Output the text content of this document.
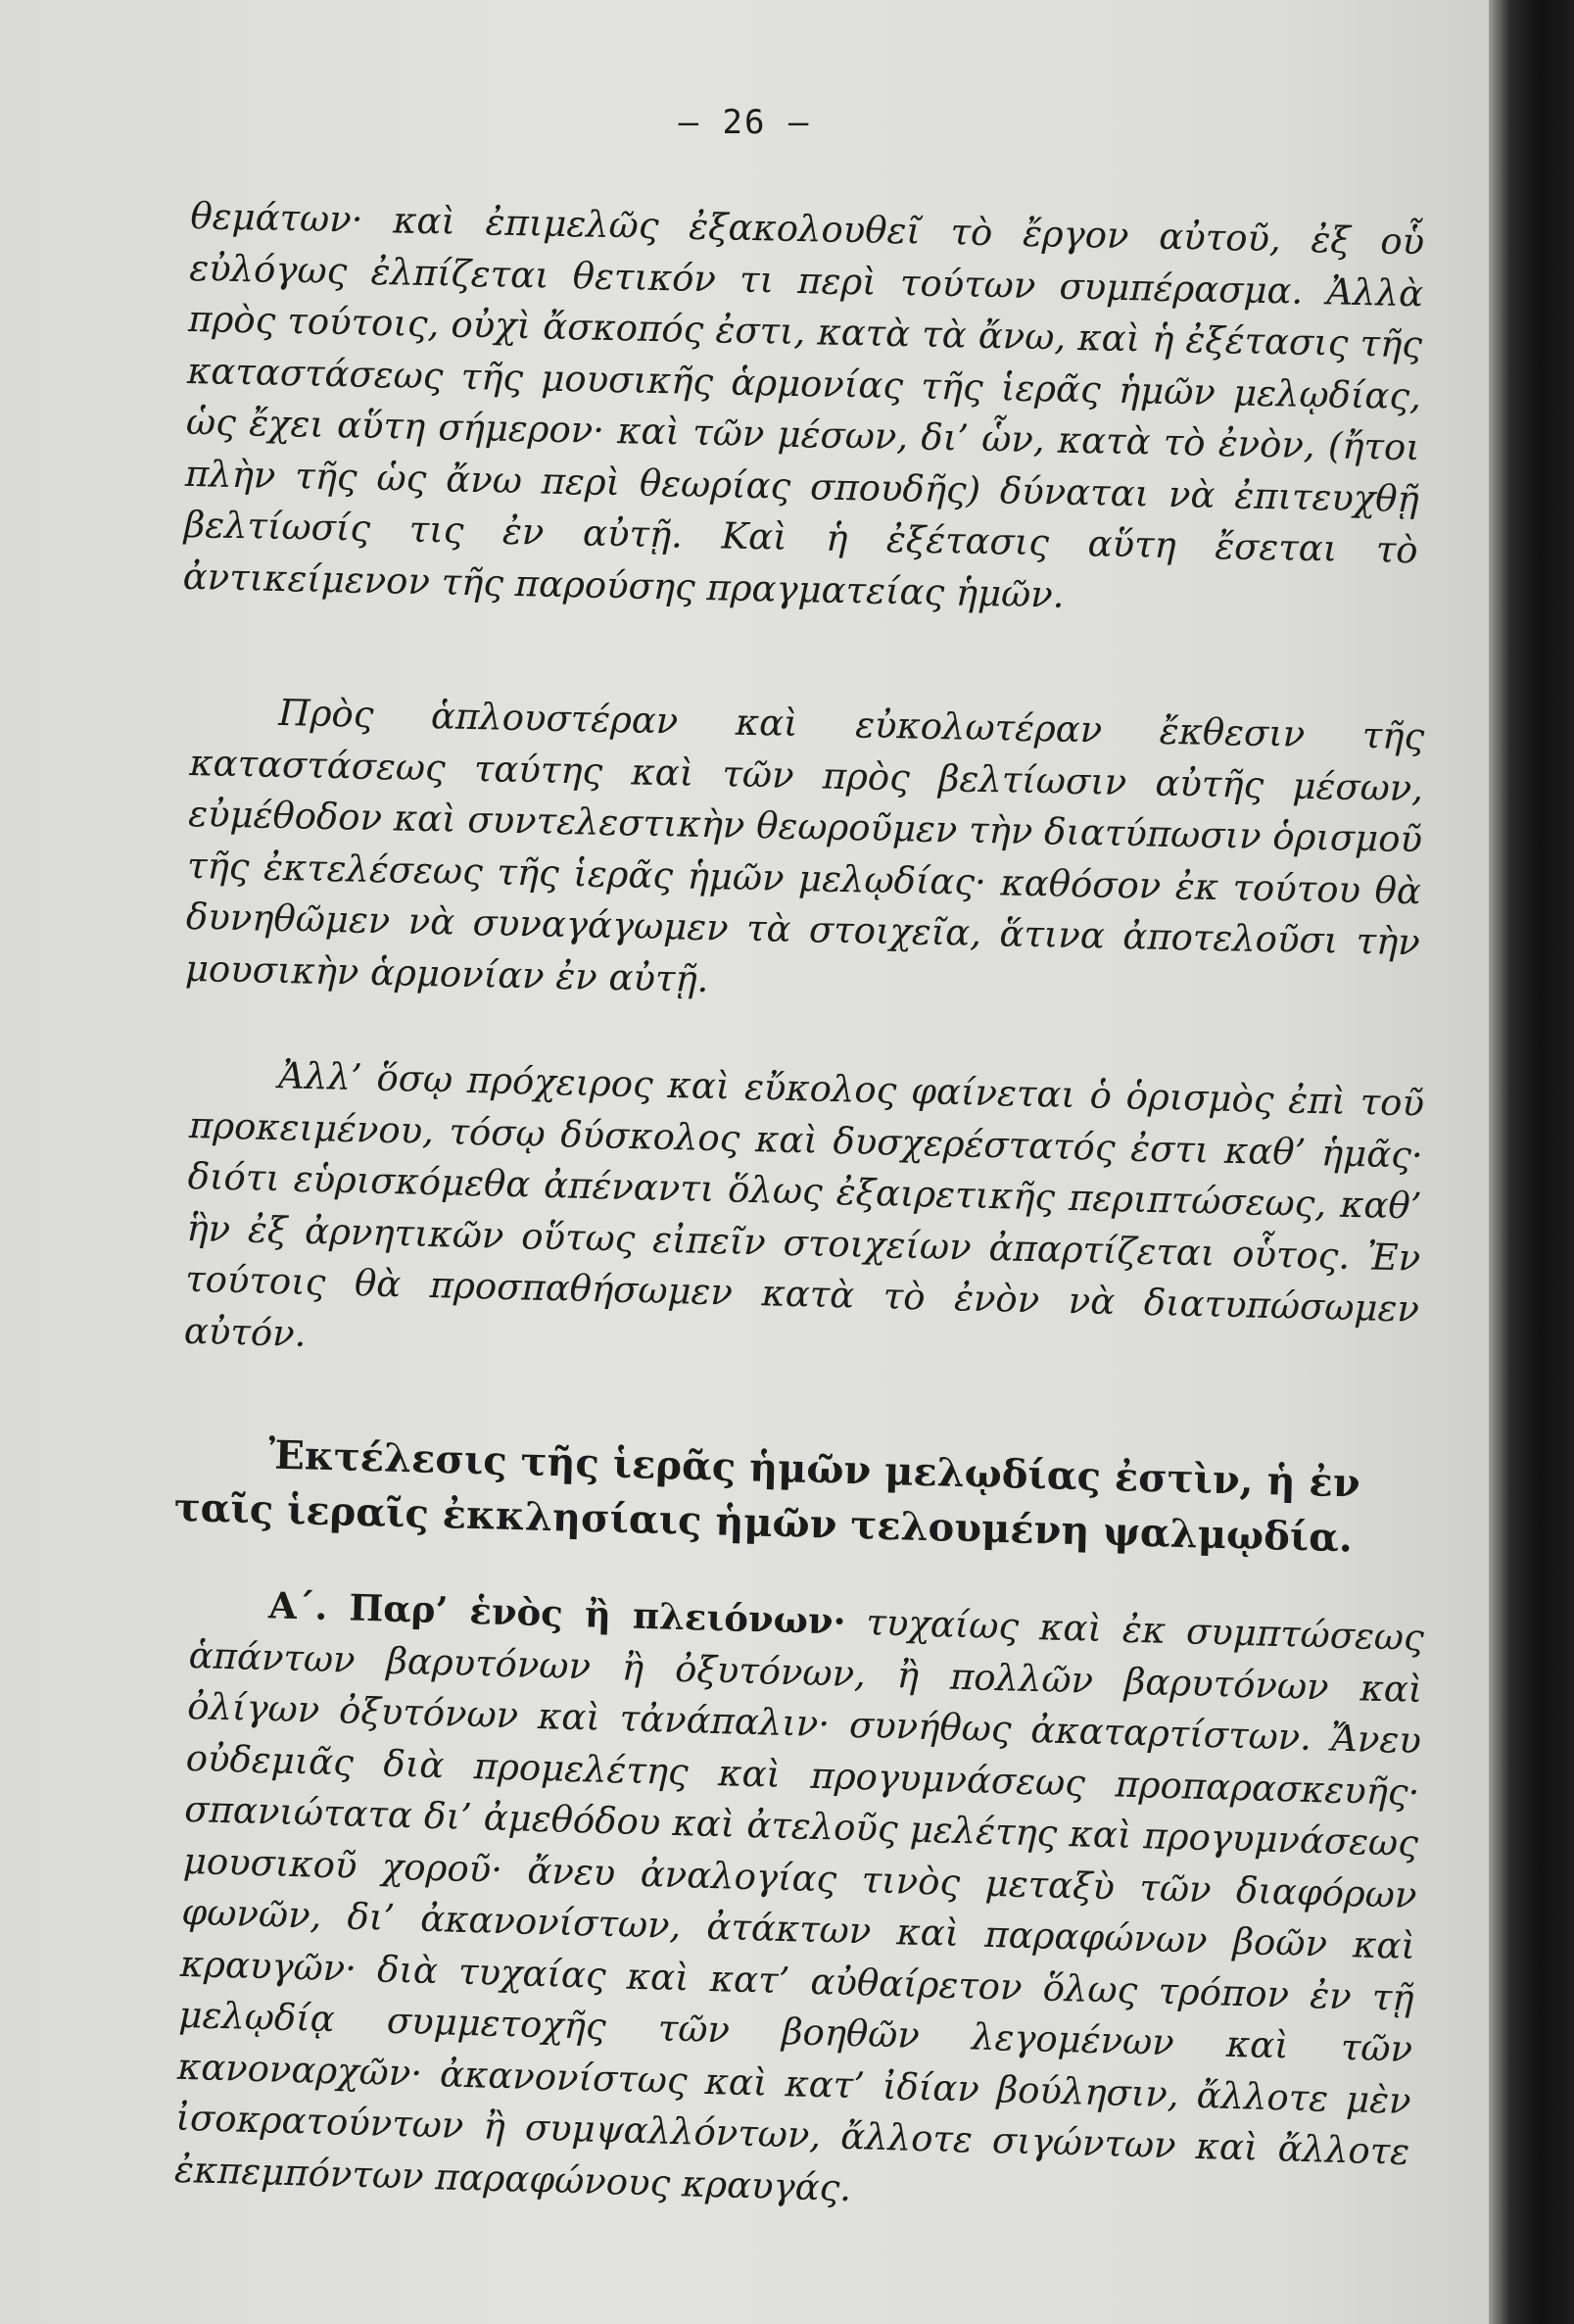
— 26 —

θεμάτων· καὶ ἐπιμελῶς ἐξακολουθεῖ τὸ ἔργον αὐτοῦ, ἐξ οὗ εὐλόγως ἐλπίζεται θετικόν τι περὶ τούτων συμπέρασμα. Ἀλλὰ πρὸς τούτοις, οὐχὶ ἄσκοπός ἐστι, κατὰ τὰ ἄνω, καὶ ἡ ἐξέτασις τῆς καταστάσεως τῆς μουσικῆς ἁρμονίας τῆς ἱερᾶς ἡμῶν μελῳδίας, ὡς ἔχει αὕτη σήμερον· καὶ τῶν μέσων, δι’ ὧν, κατὰ τὸ ἐνὸν, (ἤτοι πλὴν τῆς ὡς ἄνω περὶ θεωρίας σπουδῆς) δύναται νὰ ἐπιτευχθῇ βελτίωσίς τις ἐν αὐτῇ. Καὶ ἡ ἐξέτασις αὕτη ἔσεται τὸ ἀντικείμενον τῆς παρούσης πραγματείας ἡμῶν.

Πρὸς ἁπλουστέραν καὶ εὐκολωτέραν ἔκθεσιν τῆς καταστάσεως ταύτης καὶ τῶν πρὸς βελτίωσιν αὐτῆς μέσων, εὐμέθοδον καὶ συντελεστικὴν θεωροῦμεν τὴν διατύπωσιν ὁρισμοῦ τῆς ἐκτελέσεως τῆς ἱερᾶς ἡμῶν μελῳδίας· καθόσον ἐκ τούτου θὰ δυνηθῶμεν νὰ συναγάγωμεν τὰ στοιχεῖα, ἅτινα ἀποτελοῦσι τὴν μουσικὴν ἁρμονίαν ἐν αὐτῇ.

Ἀλλ’ ὅσῳ πρόχειρος καὶ εὔκολος φαίνεται ὁ ὁρισμὸς ἐπὶ τοῦ προκειμένου, τόσῳ δύσκολος καὶ δυσχερέστατός ἐστι καθ’ ἡμᾶς· διότι εὑρισκόμεθα ἀπέναντι ὅλως ἐξαιρετικῆς περιπτώσεως, καθ’ ἣν ἐξ ἀρνητικῶν οὕτως εἰπεῖν στοιχείων ἀπαρτίζεται οὗτος. Ἐν τούτοις θὰ προσπαθήσωμεν κατὰ τὸ ἐνὸν νὰ διατυπώσωμεν αὐτόν.

Ἐκτέλεσις τῆς ἱερᾶς ἡμῶν μελῳδίας ἐστὶν, ἡ ἐν ταῖς ἱεραῖς ἐκκλησίαις ἡμῶν τελουμένη ψαλμῳδία.

Α΄. Παρ’ ἑνὸς ἢ πλειόνων· τυχαίως καὶ ἐκ συμπτώσεως ἁπάντων βαρυτόνων ἢ ὀξυτόνων, ἢ πολλῶν βαρυτόνων καὶ ὀλίγων ὀξυτόνων καὶ τἀνάπαλιν· συνήθως ἀκαταρτίστων. Ἄνευ οὐδεμιᾶς διὰ προμελέτης καὶ προγυμνάσεως προπαρασκευῆς· σπανιώτατα δι’ ἀμεθόδου καὶ ἀτελοῦς μελέτης καὶ προγυμνάσεως μουσικοῦ χοροῦ· ἄνευ ἀναλογίας τινὸς μεταξὺ τῶν διαφόρων φωνῶν, δι’ ἀκανονίστων, ἀτάκτων καὶ παραφώνων βοῶν καὶ κραυγῶν· διὰ τυχαίας καὶ κατ’ αὐθαίρετον ὅλως τρόπον ἐν τῇ μελῳδίᾳ συμμετοχῆς τῶν βοηθῶν λεγομένων καὶ τῶν κανοναρχῶν· ἀκανονίστως καὶ κατ’ ἰδίαν βούλησιν, ἄλλοτε μὲν ἰσοκρατούντων ἢ συμψαλλόντων, ἄλλοτε σιγώντων καὶ ἄλλοτε ἐκπεμπόντων παραφώνους κραυγάς.
